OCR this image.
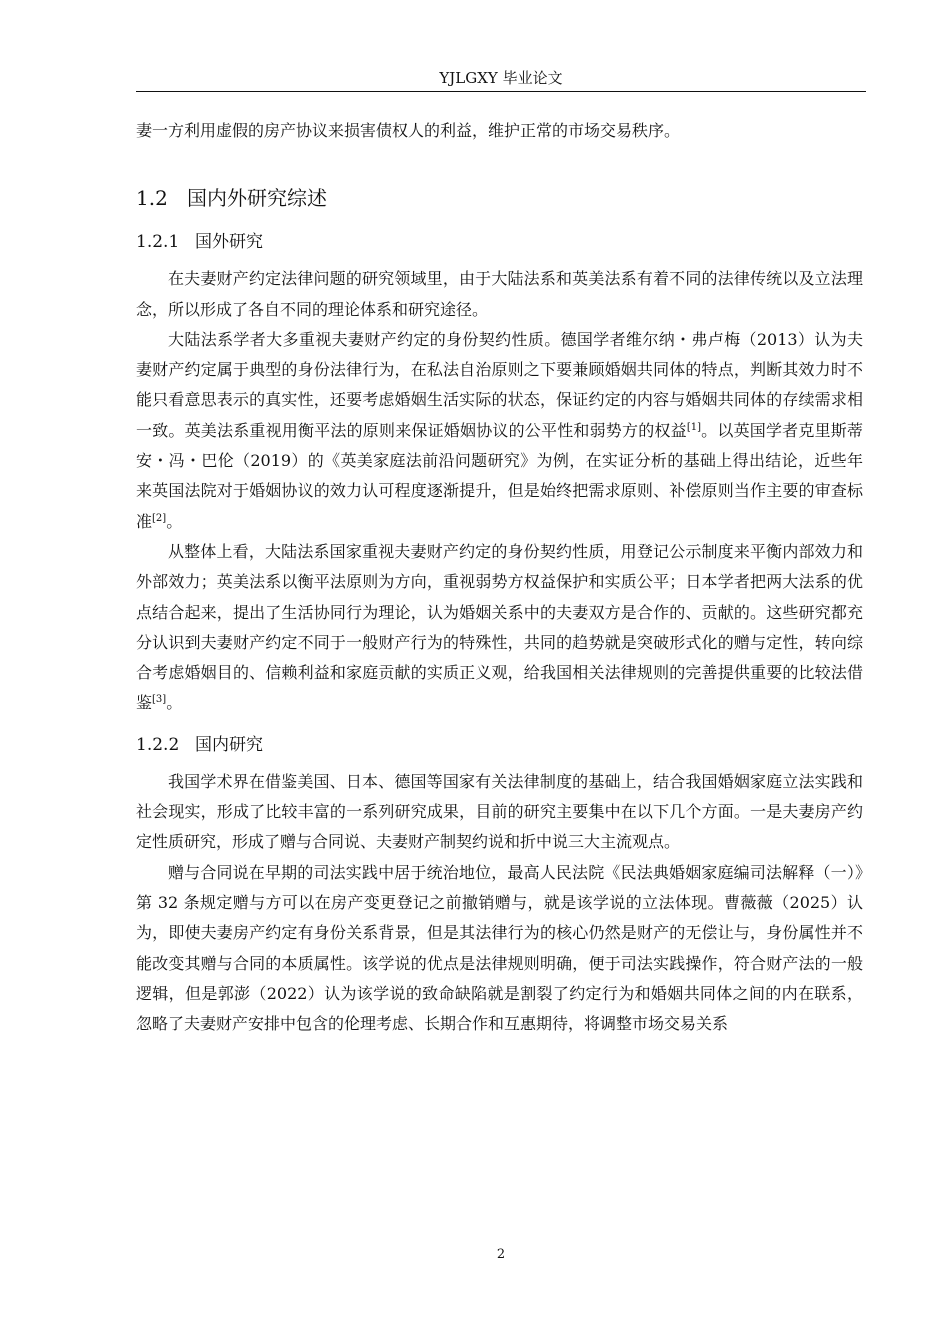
YJLGXY 毕业论文

妻一方利用虚假的房产协议来损害债权人的利益，维护正常的市场交易秩序。

1.2 国内外研究综述
1.2.1 国外研究

在夫妻财产约定法律问题的研究领域里，由于大陆法系和英美法系有着不同的法律传统以及立法理念，所以形成了各自不同的理论体系和研究途径。

大陆法系学者大多重视夫妻财产约定的身份契约性质。德国学者维尔纳・弗卢梅（2013）认为夫妻财产约定属于典型的身份法律行为，在私法自治原则之下要兼顾婚姻共同体的特点，判断其效力时不能只看意思表示的真实性，还要考虑婚姻生活实际的状态，保证约定的内容与婚姻共同体的存续需求相一致。英美法系重视用衡平法的原则来保证婚姻协议的公平性和弱势方的权益[1]。以英国学者克里斯蒂安・冯・巴伦（2019）的《英美家庭法前沿问题研究》为例，在实证分析的基础上得出结论，近些年来英国法院对于婚姻协议的效力认可程度逐渐提升，但是始终把需求原则、补偿原则当作主要的审查标准[2]。

从整体上看，大陆法系国家重视夫妻财产约定的身份契约性质，用登记公示制度来平衡内部效力和外部效力；英美法系以衡平法原则为方向，重视弱势方权益保护和实质公平；日本学者把两大法系的优点结合起来，提出了生活协同行为理论，认为婚姻关系中的夫妻双方是合作的、贡献的。这些研究都充分认识到夫妻财产约定不同于一般财产行为的特殊性，共同的趋势就是突破形式化的赠与定性，转向综合考虑婚姻目的、信赖利益和家庭贡献的实质正义观，给我国相关法律规则的完善提供重要的比较法借鉴[3]。

1.2.2 国内研究

我国学术界在借鉴美国、日本、德国等国家有关法律制度的基础上，结合我国婚姻家庭立法实践和社会现实，形成了比较丰富的一系列研究成果，目前的研究主要集中在以下几个方面。一是夫妻房产约定性质研究，形成了赠与合同说、夫妻财产制契约说和折中说三大主流观点。

赠与合同说在早期的司法实践中居于统治地位，最高人民法院《民法典婚姻家庭编司法解释（一）》第 32 条规定赠与方可以在房产变更登记之前撤销赠与，就是该学说的立法体现。曹薇薇（2025）认为，即使夫妻房产约定有身份关系背景，但是其法律行为的核心仍然是财产的无偿让与，身份属性并不能改变其赠与合同的本质属性。该学说的优点是法律规则明确，便于司法实践操作，符合财产法的一般逻辑，但是郭澎（2022）认为该学说的致命缺陷就是割裂了约定行为和婚姻共同体之间的内在联系，忽略了夫妻财产安排中包含的伦理考虑、长期合作和互惠期待，将调整市场交易关系

2
